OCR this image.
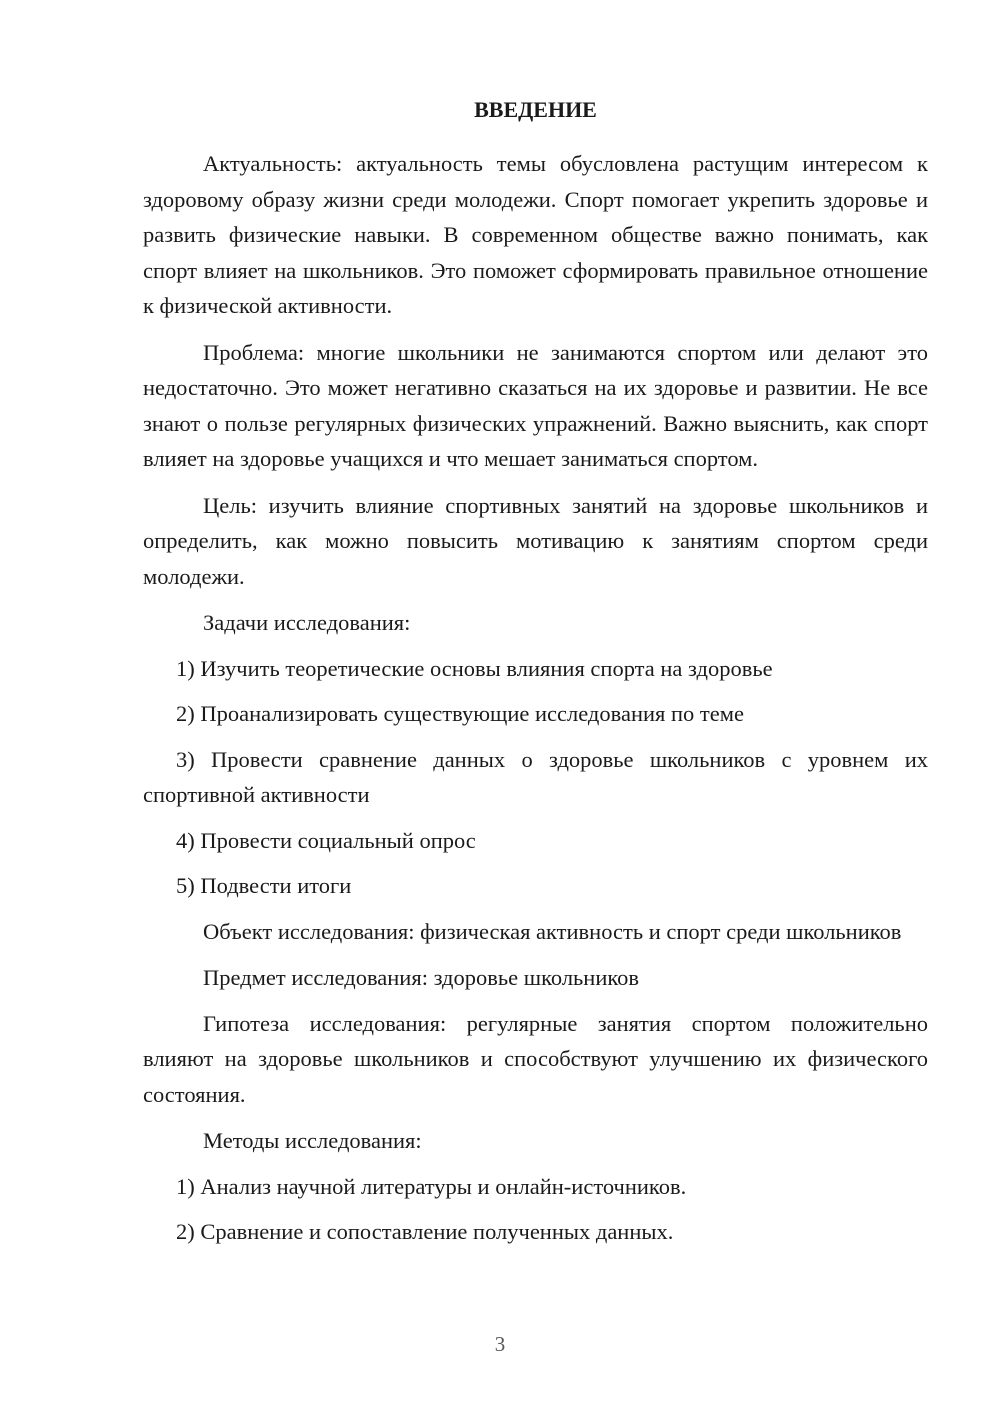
ВВЕДЕНИЕ

Актуальность: актуальность темы обусловлена растущим интересом к здоровому образу жизни среди молодежи. Спорт помогает укрепить здоровье и развить физические навыки. В современном обществе важно понимать, как спорт влияет на школьников. Это поможет сформировать правильное отношение к физической активности.

Проблема: многие школьники не занимаются спортом или делают это недостаточно. Это может негативно сказаться на их здоровье и развитии. Не все знают о пользе регулярных физических упражнений. Важно выяснить, как спорт влияет на здоровье учащихся и что мешает заниматься спортом.

Цель: изучить влияние спортивных занятий на здоровье школьников и определить, как можно повысить мотивацию к занятиям спортом среди молодежи.

Задачи исследования:

1) Изучить теоретические основы влияния спорта на здоровье

2) Проанализировать существующие исследования по теме

3) Провести сравнение данных о здоровье школьников с уровнем их спортивной активности

4) Провести социальный опрос

5) Подвести итоги

Объект исследования: физическая активность и спорт среди школьников

Предмет исследования: здоровье школьников

Гипотеза исследования: регулярные занятия спортом положительно влияют на здоровье школьников и способствуют улучшению их физического состояния.

Методы исследования:

1) Анализ научной литературы и онлайн-источников.

2) Сравнение и сопоставление полученных данных.

3
